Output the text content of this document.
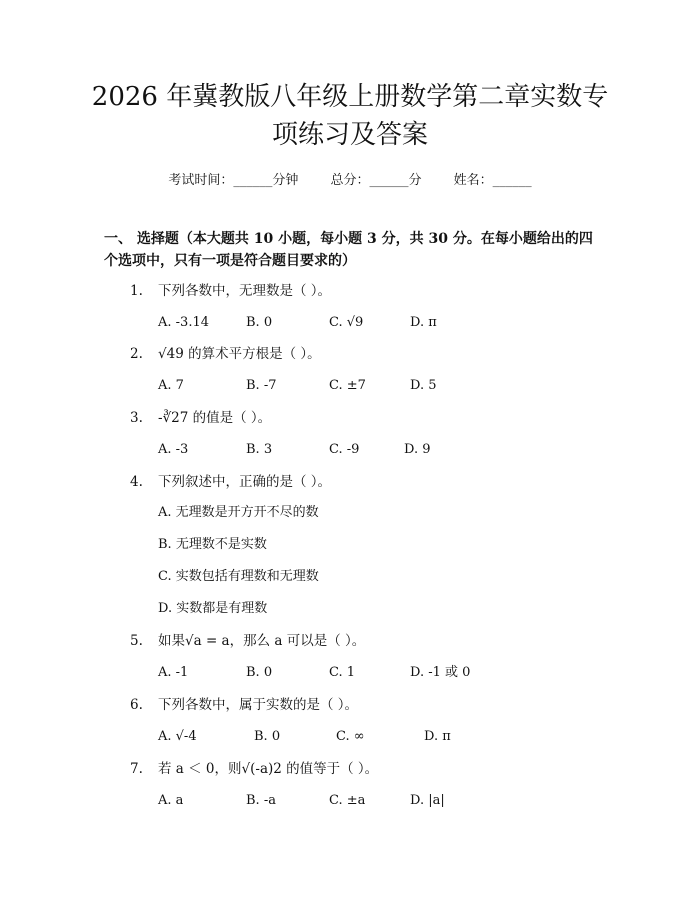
2026 年冀教版八年级上册数学第二章实数专
项练习及答案
考试时间：______分钟 总分：______分 姓名：______
一、 选择题（本大题共 10 小题，每小题 3 分，共 30 分。在每小题给出的四个选项中，只有一项是符合题目要求的）
1. 下列各数中，无理数是（ ）。
A. -3.14	B. 0	C. √9	D. π
2. √49 的算术平方根是（ ）。
A. 7	B. -7	C. ±7	D. 5
3. -∛27 的值是（ ）。
A. -3	B. 3	C. -9	D. 9
4. 下列叙述中，正确的是（ ）。
A. 无理数是开方开不尽的数
B. 无理数不是实数
C. 实数包括有理数和无理数
D. 实数都是有理数
5. 如果√a = a，那么 a 可以是（ ）。
A. -1	B. 0	C. 1	D. -1 或 0
6. 下列各数中，属于实数的是（ ）。
A. √-4	B. 0	C. ∞	D. π
7. 若 a ＜ 0，则√(-a)2 的值等于（ ）。
A. a	B. -a	C. ±a	D. |a|
